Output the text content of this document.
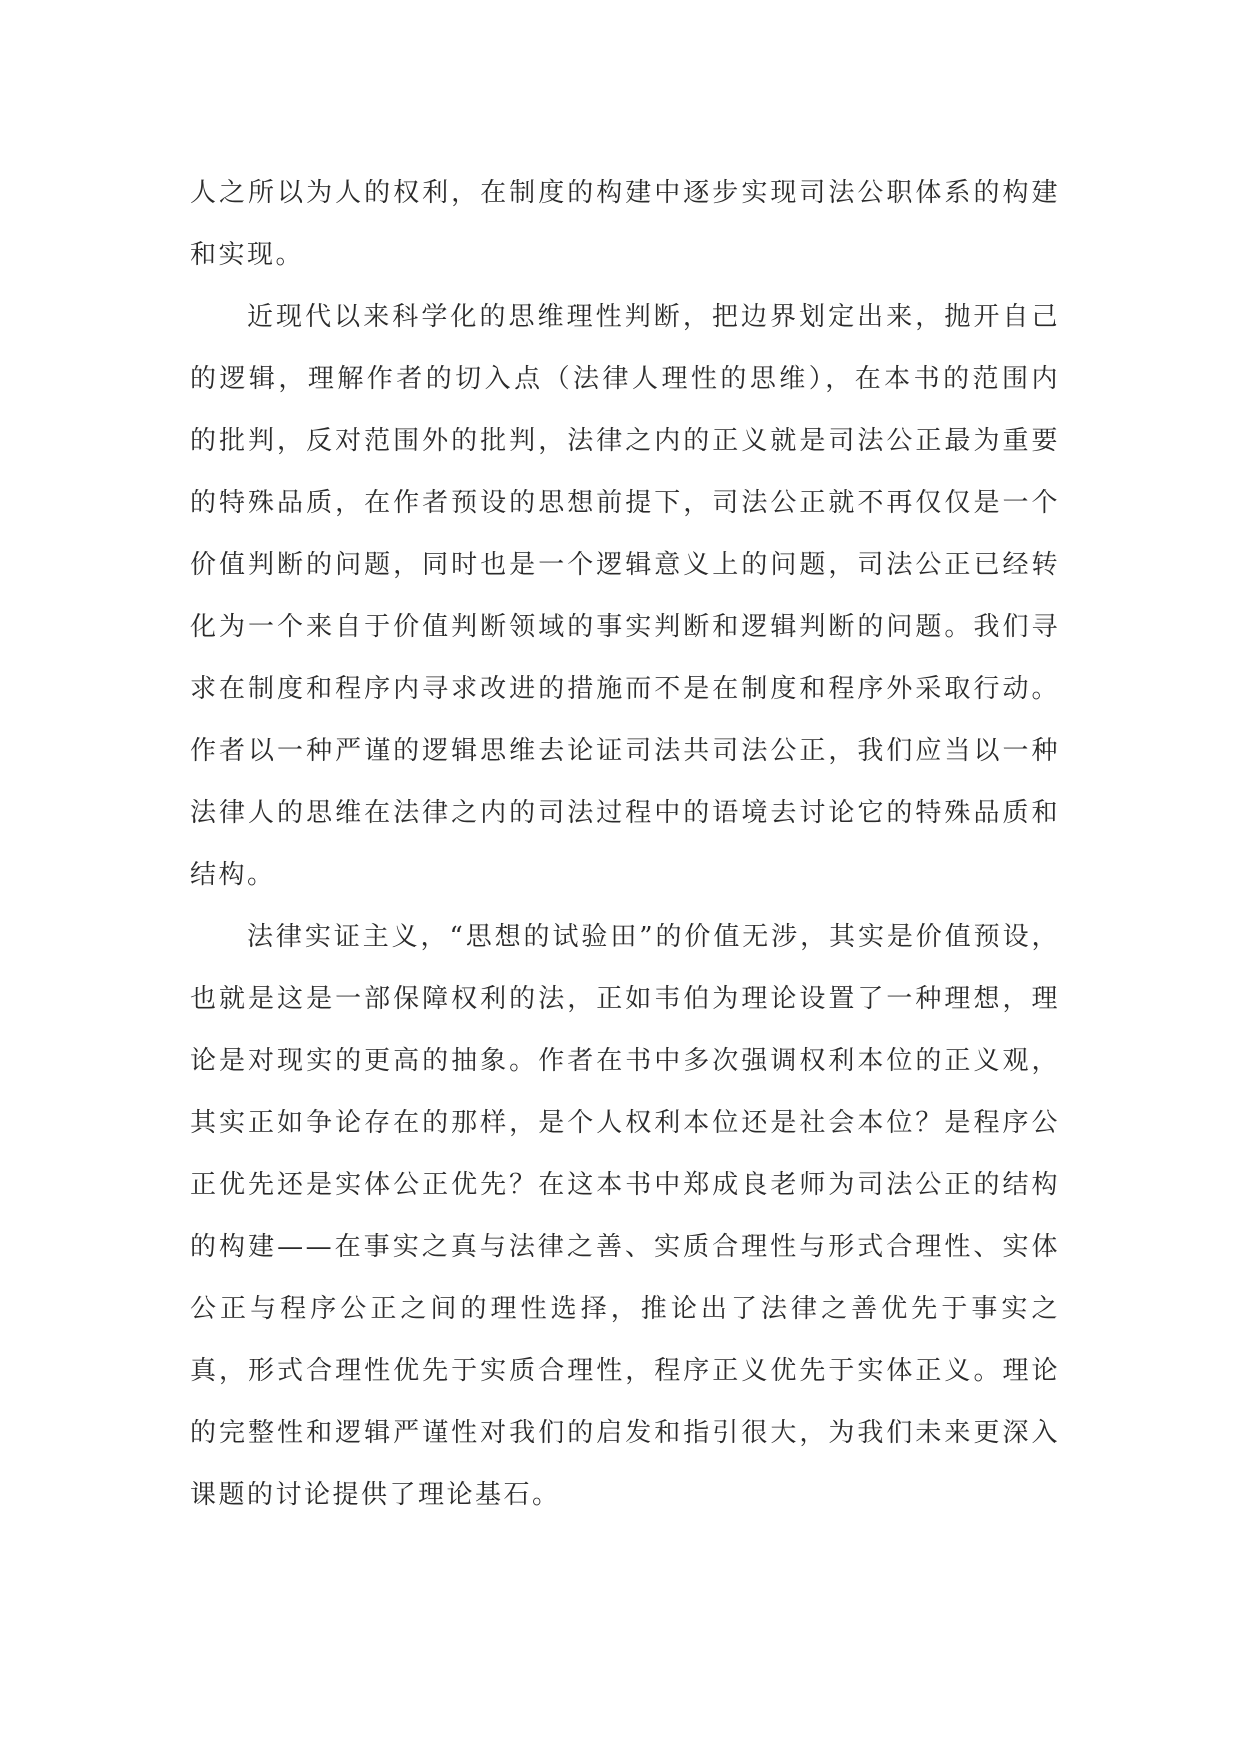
人之所以为人的权利，在制度的构建中逐步实现司法公职体系的构建和实现。

近现代以来科学化的思维理性判断，把边界划定出来，抛开自己的逻辑，理解作者的切入点（法律人理性的思维），在本书的范围内的批判，反对范围外的批判，法律之内的正义就是司法公正最为重要的特殊品质，在作者预设的思想前提下，司法公正就不再仅仅是一个价值判断的问题，同时也是一个逻辑意义上的问题，司法公正已经转化为一个来自于价值判断领域的事实判断和逻辑判断的问题。我们寻求在制度和程序内寻求改进的措施而不是在制度和程序外采取行动。作者以一种严谨的逻辑思维去论证司法共司法公正，我们应当以一种法律人的思维在法律之内的司法过程中的语境去讨论它的特殊品质和结构。

法律实证主义，“思想的试验田”的价值无涉，其实是价值预设，也就是这是一部保障权利的法，正如韦伯为理论设置了一种理想，理论是对现实的更高的抽象。作者在书中多次强调权利本位的正义观，其实正如争论存在的那样，是个人权利本位还是社会本位？是程序公正优先还是实体公正优先？在这本书中郑成良老师为司法公正的结构的构建——在事实之真与法律之善、实质合理性与形式合理性、实体公正与程序公正之间的理性选择，推论出了法律之善优先于事实之真，形式合理性优先于实质合理性，程序正义优先于实体正义。理论的完整性和逻辑严谨性对我们的启发和指引很大，为我们未来更深入课题的讨论提供了理论基石。
